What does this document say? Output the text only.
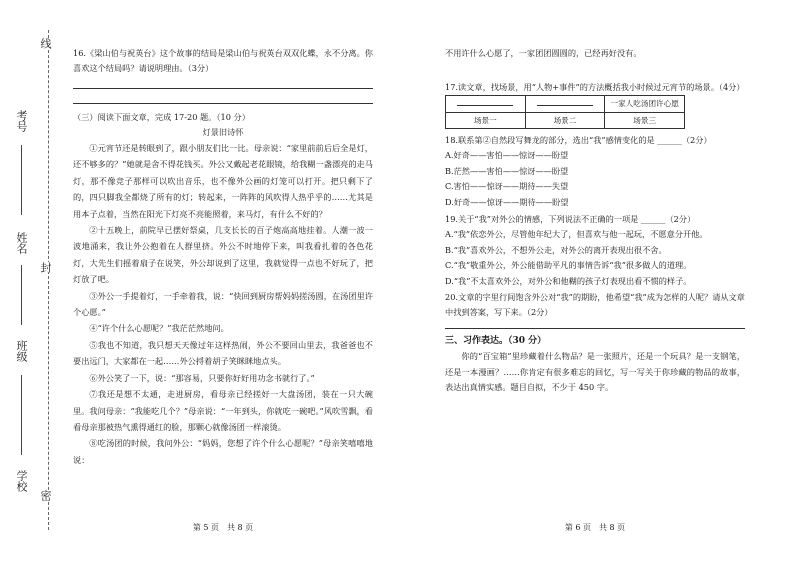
线
封
密
考号
姓名
班级
学校

16.《梁山伯与祝英台》这个故事的结局是梁山伯与祝英台双双化蝶，永不分离。你喜欢这个结局吗？请说明理由。（3分）

（三）阅读下面文章，完成 17-20 题。（10 分）

灯景旧诗怀

①元宵节还是转眼到了，跟小朋友们比一比。母亲说：“家里前前后后全是灯，还不够多的？”她就是舍不得花钱买。外公又戴起老花眼镜，给我糊一盏漂亮的走马灯，那不像竞子那样可以吹出音乐，也不像外公画的灯笼可以打开。把只剩下了的，四只脚我全都烧了所有的灯；转起来，一阵阵的风吹得人热乎乎的……尤其是用本子点着，当然在阳光下灯亮不亮能照着，来马灯，有什么不好的？

②十五晚上，前院早已摆好祭桌，几支长长的百子炮高高地挂着。人潮一波一波地涌来，我让外公抱着在人群里挤。外公不时地停下来，叫我看扎着的各色花灯，大先生们摇着扇子在说笑，外公却说到了这里，我就觉得一点也不好玩了，把灯放了吧。

③外公一手提着灯，一手牵着我，说：“快回到厨房帮妈妈搓汤圆，在汤团里许个心愿。”

④“许个什么心愿呢？”我茫茫然地问。

⑤我也不知道，我只想天天像过年这样热闹，外公不要回山里去，我爸爸也不要出远门，大家都在一起……外公捋着胡子笑眯眯地点头。

⑥外公笑了一下，说：“那容易，只要你好好用功念书就行了。”

⑦我还是想不太通，走进厨房，看母亲已经搓好一大盘汤团，装在一只大碗里。我问母亲：“我能吃几个？”母亲说：“一年到头，你就吃一碗吧。”风吹雪飘，看看母亲那被热气熏得通红的脸，那颗心就像汤团一样滚烫。

⑧吃汤团的时候，我问外公：“妈妈，您想了许个什么心愿呢？”母亲笑嘻嘻地说：

第 5 页　共 8 页

不用许什么心愿了，一家团团圆圆的，已经再好没有。

17.读文章，找场景，用“人物+事件”的方法概括我小时候过元宵节的场景。（4分）

		一家人吃汤团许心愿
场景一	场景二	场景三

18.联系第②自然段写舞龙的部分，选出“我”感情变化的是 ______（2分）

A.好奇——害怕——惊讶——盼望

B.茫然——害怕——惊讶——盼望

C.害怕——惊讶——期待——失望

D.好奇——惊讶——期待——盼望

19.关于“我”对外公的情感，下列说法不正确的一项是 ______（2分）

A.“我”依恋外公，尽管他年纪大了，但喜欢与他一起玩，不愿意分开他。

B.“我”喜欢外公，不想外公走，对外公的离开表现出很不舍。

C.“我”敬重外公，外公能借助平凡的事情告诉“我”很多做人的道理。

D.“我”不太喜欢外公，对外公和他糊的孩子灯表现出看不惯的样子。

20.文章的字里行间饱含外公对“我”的期盼，他希望“我”成为怎样的人呢？请从文章中找到答案，写下来。（2分）

三、习作表达。（30 分）

你的“百宝箱”里珍藏着什么物品？是一张照片，还是一个玩具？是一支钢笔，还是一本漫画？……你肯定有很多难忘的回忆，写一写关于你珍藏的物品的故事，表达出真情实感。题目自拟，不少于 450 字。

第 6 页　共 8 页
